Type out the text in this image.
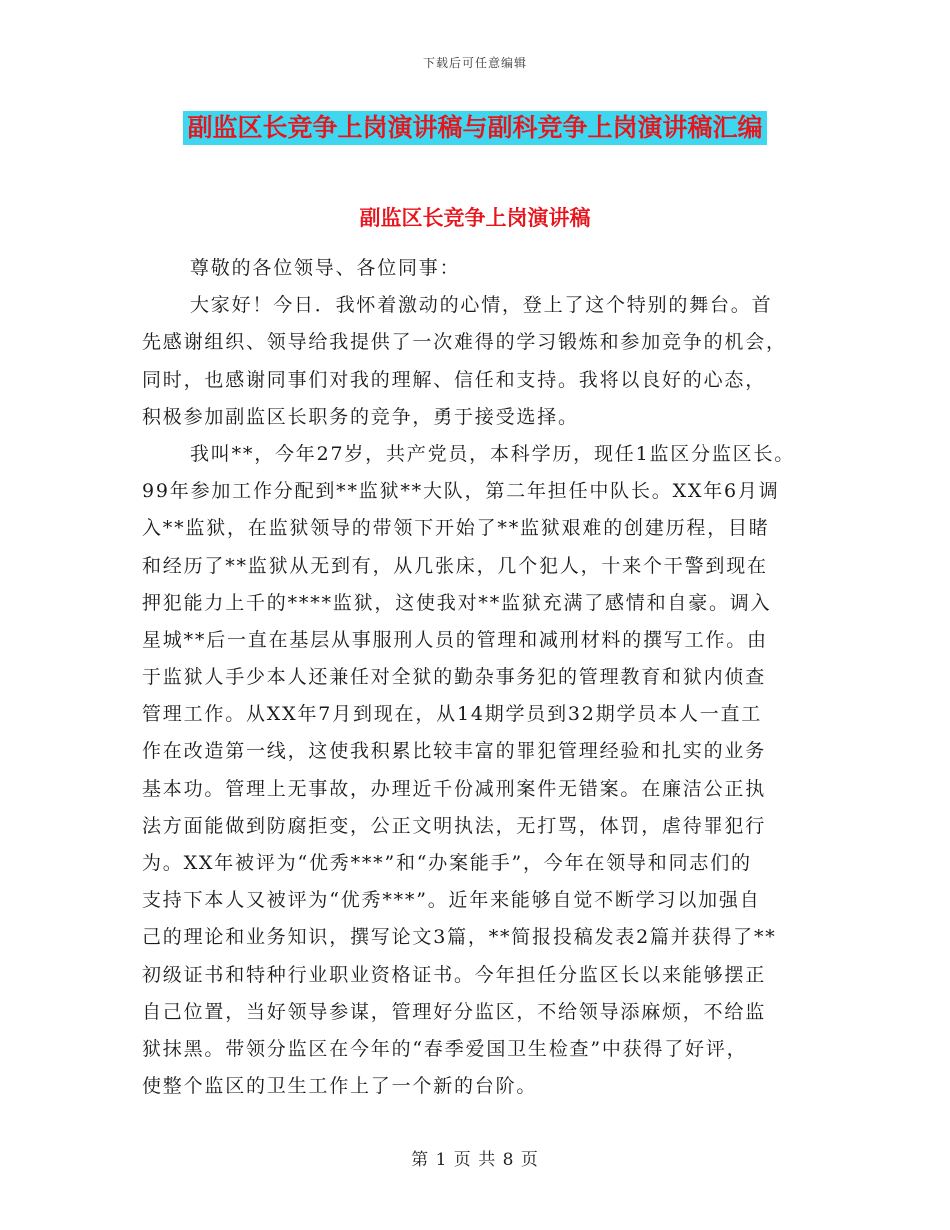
下载后可任意编辑
副监区长竞争上岗演讲稿与副科竞争上岗演讲稿汇编
副监区长竞争上岗演讲稿
尊敬的各位领导、各位同事：
大家好！今日．我怀着激动的心情，登上了这个特别的舞台。首
先感谢组织、领导给我提供了一次难得的学习锻炼和参加竞争的机会，
同时，也感谢同事们对我的理解、信任和支持。我将以良好的心态，
积极参加副监区长职务的竞争，勇于接受选择。
我叫**，今年27岁，共产党员，本科学历，现任1监区分监区长。
99年参加工作分配到**监狱**大队，第二年担任中队长。XX年6月调
入**监狱，在监狱领导的带领下开始了**监狱艰难的创建历程，目睹
和经历了**监狱从无到有，从几张床，几个犯人，十来个干警到现在
押犯能力上千的****监狱，这使我对**监狱充满了感情和自豪。调入
星城**后一直在基层从事服刑人员的管理和减刑材料的撰写工作。由
于监狱人手少本人还兼任对全狱的勤杂事务犯的管理教育和狱内侦查
管理工作。从XX年7月到现在，从14期学员到32期学员本人一直工
作在改造第一线，这使我积累比较丰富的罪犯管理经验和扎实的业务
基本功。管理上无事故，办理近千份减刑案件无错案。在廉洁公正执
法方面能做到防腐拒变，公正文明执法，无打骂，体罚，虐待罪犯行
为。XX年被评为“优秀***”和“办案能手”，今年在领导和同志们的
支持下本人又被评为“优秀***”。近年来能够自觉不断学习以加强自
己的理论和业务知识，撰写论文3篇，**简报投稿发表2篇并获得了**
初级证书和特种行业职业资格证书。今年担任分监区长以来能够摆正
自己位置，当好领导参谋，管理好分监区，不给领导添麻烦，不给监
狱抹黑。带领分监区在今年的“春季爱国卫生检查”中获得了好评，
使整个监区的卫生工作上了一个新的台阶。
第 1 页 共 8 页
